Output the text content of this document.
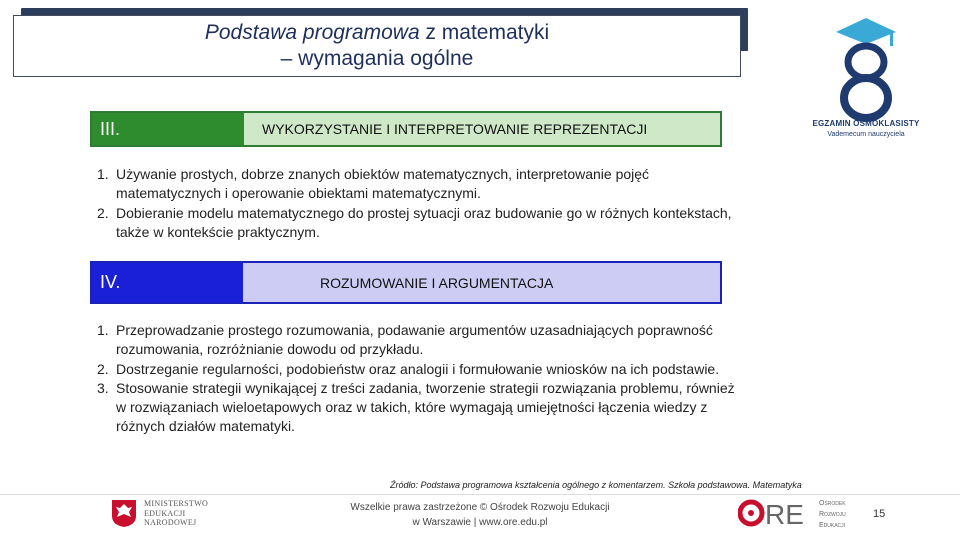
Podstawa programowa z matematyki
– wymagania ogólne
EGZAMIN ÓSMOKLASISTY
Vademecum nauczyciela
III.	WYKORZYSTANIE I INTERPRETOWANIE REPREZENTACJI
1. Używanie prostych, dobrze znanych obiektów matematycznych, interpretowanie pojęć matematycznych i operowanie obiektami matematycznymi.
2. Dobieranie modelu matematycznego do prostej sytuacji oraz budowanie go w różnych kontekstach, także w kontekście praktycznym.
IV.	ROZUMOWANIE I ARGUMENTACJA
1. Przeprowadzanie prostego rozumowania, podawanie argumentów uzasadniających poprawność rozumowania, rozróżnianie dowodu od przykładu.
2. Dostrzeganie regularności, podobieństw oraz analogii i formułowanie wniosków na ich podstawie.
3. Stosowanie strategii wynikającej z treści zadania, tworzenie strategii rozwiązania problemu, również w rozwiązaniach wieloetapowych oraz w takich, które wymagają umiejętności łączenia wiedzy z różnych działów matematyki.
Źródło: Podstawa programowa kształcenia ogólnego z komentarzem. Szkoła podstawowa. Matematyka
MINISTERSTWO
EDUKACJI
NARODOWEJ
Wszelkie prawa zastrzeżone © Ośrodek Rozwoju Edukacji
w Warszawie | www.ore.edu.pl	RE Ośrodek
Rozwoju
Edukacji
15
